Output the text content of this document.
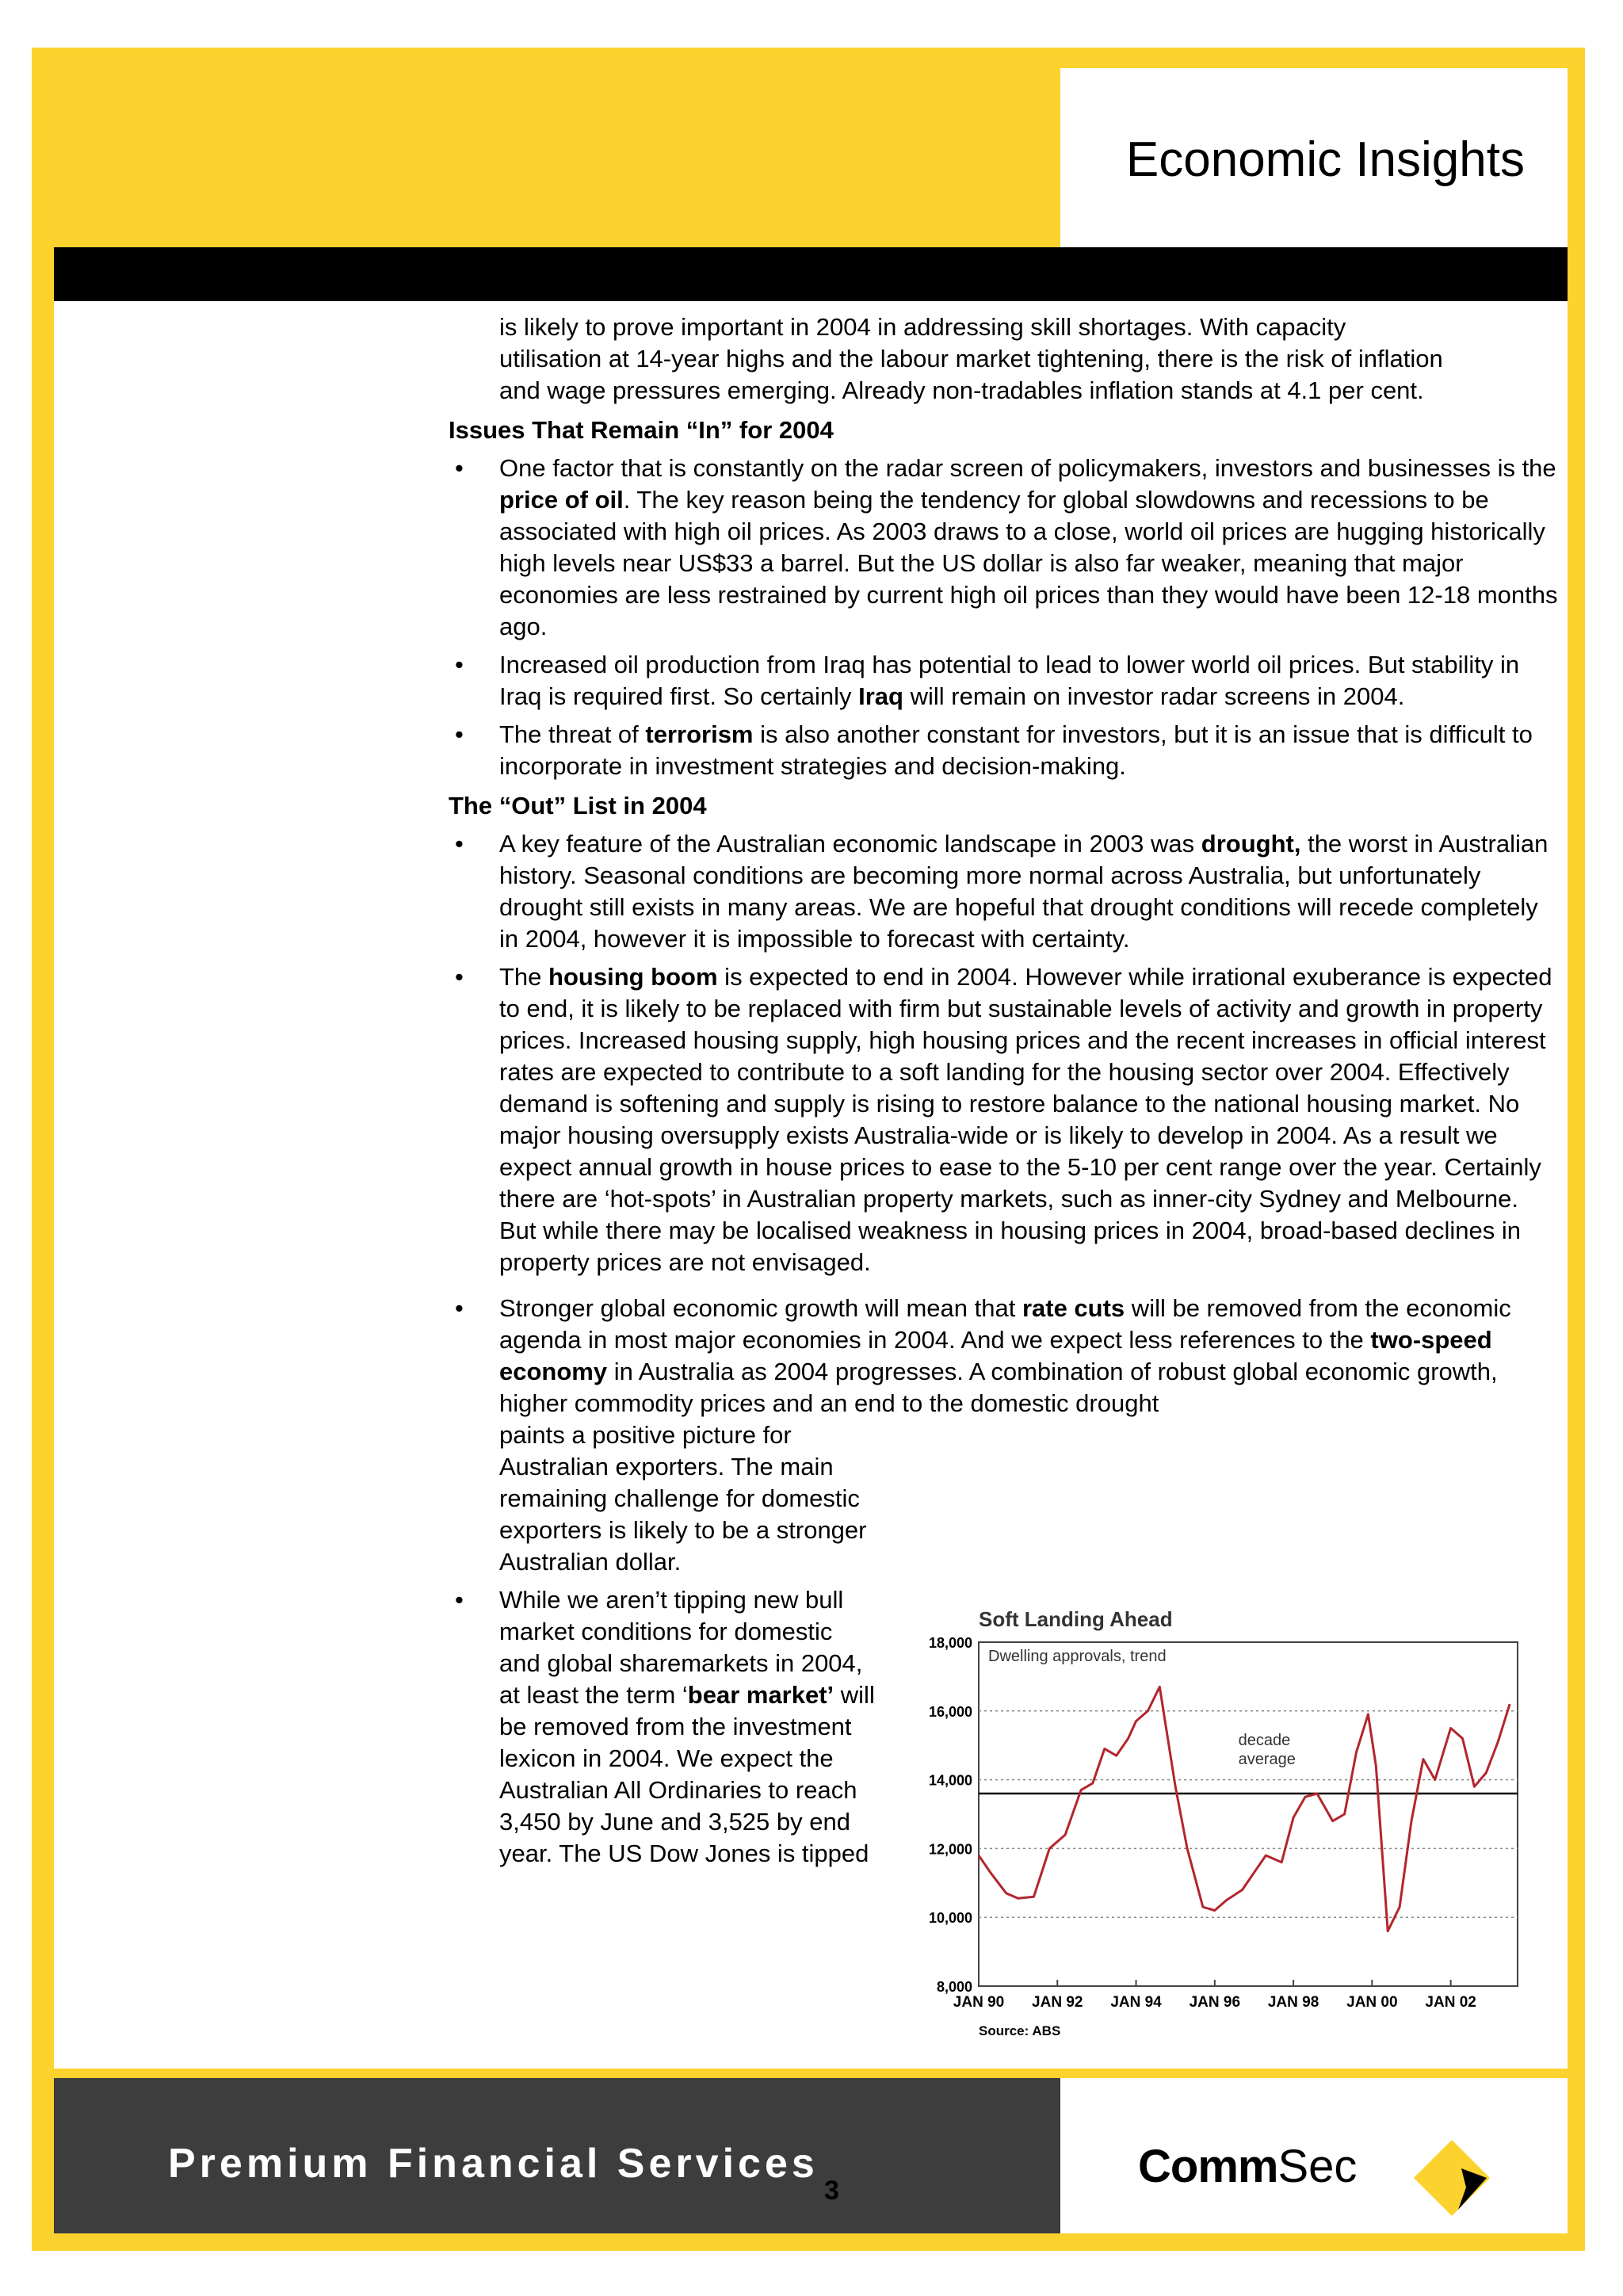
Economic Insights
is likely to prove important in 2004 in addressing skill shortages. With capacity
utilisation at 14-year highs and the labour market tightening, there is the risk of inflation
and wage pressures emerging. Already non-tradables inflation stands at 4.1 per cent.
Issues That Remain “In” for 2004
• One factor that is constantly on the radar screen of policymakers, investors and businesses is the price of oil. The key reason being the tendency for global slowdowns and recessions to be associated with high oil prices. As 2003 draws to a close, world oil prices are hugging historically high levels near US$33 a barrel. But the US dollar is also far weaker, meaning that major economies are less restrained by current high oil prices than they would have been 12-18 months ago.
• Increased oil production from Iraq has potential to lead to lower world oil prices. But stability in Iraq is required first. So certainly Iraq will remain on investor radar screens in 2004.
• The threat of terrorism is also another constant for investors, but it is an issue that is difficult to incorporate in investment strategies and decision-making.
The “Out” List in 2004
• A key feature of the Australian economic landscape in 2003 was drought, the worst in Australian history. Seasonal conditions are becoming more normal across Australia, but unfortunately drought still exists in many areas. We are hopeful that drought conditions will recede completely in 2004, however it is impossible to forecast with certainty.
• The housing boom is expected to end in 2004. However while irrational exuberance is expected to end, it is likely to be replaced with firm but sustainable levels of activity and growth in property prices. Increased housing supply, high housing prices and the recent increases in official interest rates are expected to contribute to a soft landing for the housing sector over 2004. Effectively demand is softening and supply is rising to restore balance to the national housing market. No major housing oversupply exists Australia-wide or is likely to develop in 2004. As a result we expect annual growth in house prices to ease to the 5-10 per cent range over the year. Certainly there are ‘hot-spots’ in Australian property markets, such as inner-city Sydney and Melbourne. But while there may be localised weakness in housing prices in 2004, broad-based declines in property prices are not envisaged.
• Stronger global economic growth will mean that rate cuts will be removed from the economic agenda in most major economies in 2004. And we expect less references to the two-speed economy in Australia as 2004 progresses. A combination of robust global economic growth, higher commodity prices and an end to the domestic drought
paints a positive picture for Australian exporters. The main remaining challenge for domestic exporters is likely to be a stronger Australian dollar.
• While we aren’t tipping new bull market conditions for domestic and global sharemarkets in 2004, at least the term ‘bear market’ will be removed from the investment lexicon in 2004. We expect the Australian All Ordinaries to reach 3,450 by June and 3,525 by end year. The US Dow Jones is tipped
Soft Landing Ahead
8,000
10,000
12,000
14,000
16,000
18,000
JAN 90 JAN 92 JAN 94 JAN 96 JAN 98 JAN 00 JAN 02
Dwelling approvals, trend
decade
average
Source: ABS
Premium Financial Services
3	CommSec
